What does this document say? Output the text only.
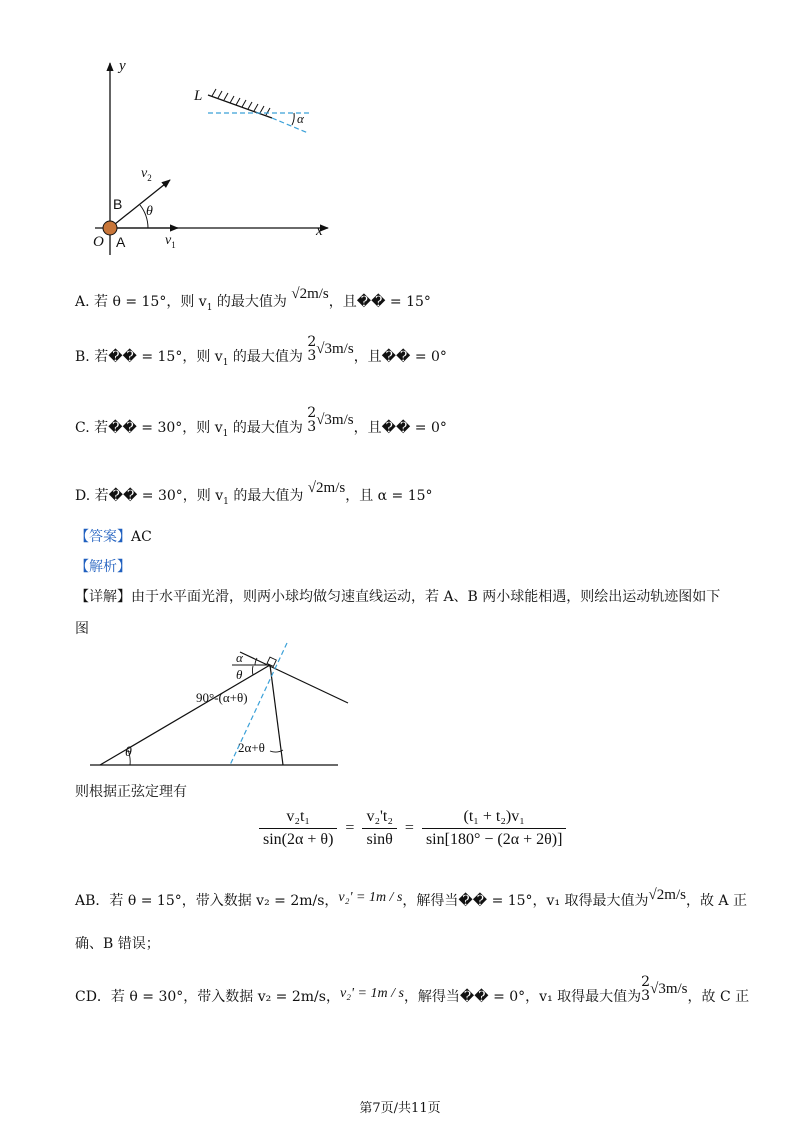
y
x
O A
B
L
$v_1$
$v_2$
θ
α
A. 若 θ = 15°，则 $v_1$ 的最大值为 √2m/s，且�� = 15°
B. 若�� = 15°，则 $v_1$ 的最大值为
2
3 √3m/s，且�� = 0°
C. 若�� = 30°，则 $v_1$ 的最大值为
2
3 √3m/s，且�� = 0°
D. 若�� = 30°，则 $v_1$ 的最大值为 √2m/s，且 α = 15°
【答案】AC
【解析】
【详解】由于水平面光滑，则两小球均做匀速直线运动，若 A、B 两小球能相遇，则绘出运动轨迹图如下
图
α
θ
90°-(α+θ)
θ	2α+θ
则根据正弦定理有
$\frac{\text{v₂t₁}}{\sin(2\alpha + \theta)} = \frac{\text{v₂'t₂}}{\sin\theta} = \frac{\text{(t₁ + t₂)v₁}}{\sin[180^\circ - (2\alpha + 2\theta)]}$
AB．若 θ = 15°，带入数据 v₂ = 2m/s，v₂' = 1m / s，解得当�� = 15°，v₁ 取得最大值为√2m/s，故 A 正
确、B 错误；
CD．若 θ = 30°，带入数据 v₂ = 2m/s，v₂' = 1m / s，解得当�� = 0°，v₁ 取得最大值为
2
3 √3m/s，故 C 正
第7页/共11页
